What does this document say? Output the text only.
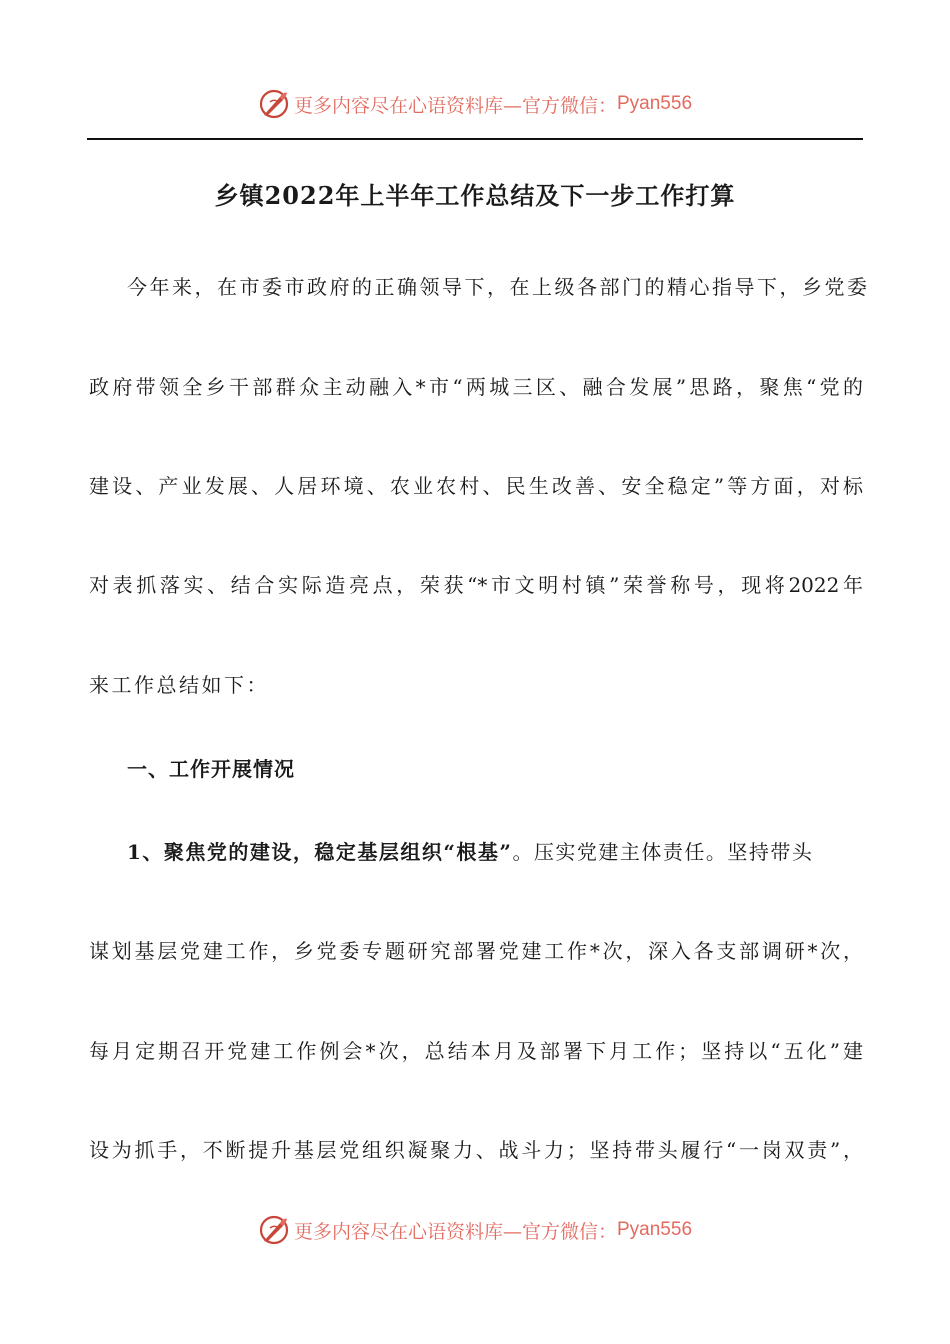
更多内容尽在心语资料库 —官方微信： Pyan556
乡镇2022年上半年工作总结及下一步工作打算
今年来，在市委市政府的正确领导下，在上级各部门的精心指导下，乡党委
政府带领全乡干部群众主动融入*市“两城三区、融合发展”思路，聚焦“党的
建设、产业发展、人居环境、农业农村、民生改善、安全稳定”等方面，对标
对表抓落实、结合实际造亮点，荣获“*市文明村镇”荣誉称号，现将2022年
来工作总结如下：
一、工作开展情况
1、聚焦党的建设，稳定基层组织“根基”。压实党建主体责任。坚持带头
谋划基层党建工作，乡党委专题研究部署党建工作*次，深入各支部调研*次，
每月定期召开党建工作例会*次，总结本月及部署下月工作；坚持以“五化”建
设为抓手，不断提升基层党组织凝聚力、战斗力；坚持带头履行“一岗双责”，
更多内容尽在心语资料库 —官方微信： Pyan556
